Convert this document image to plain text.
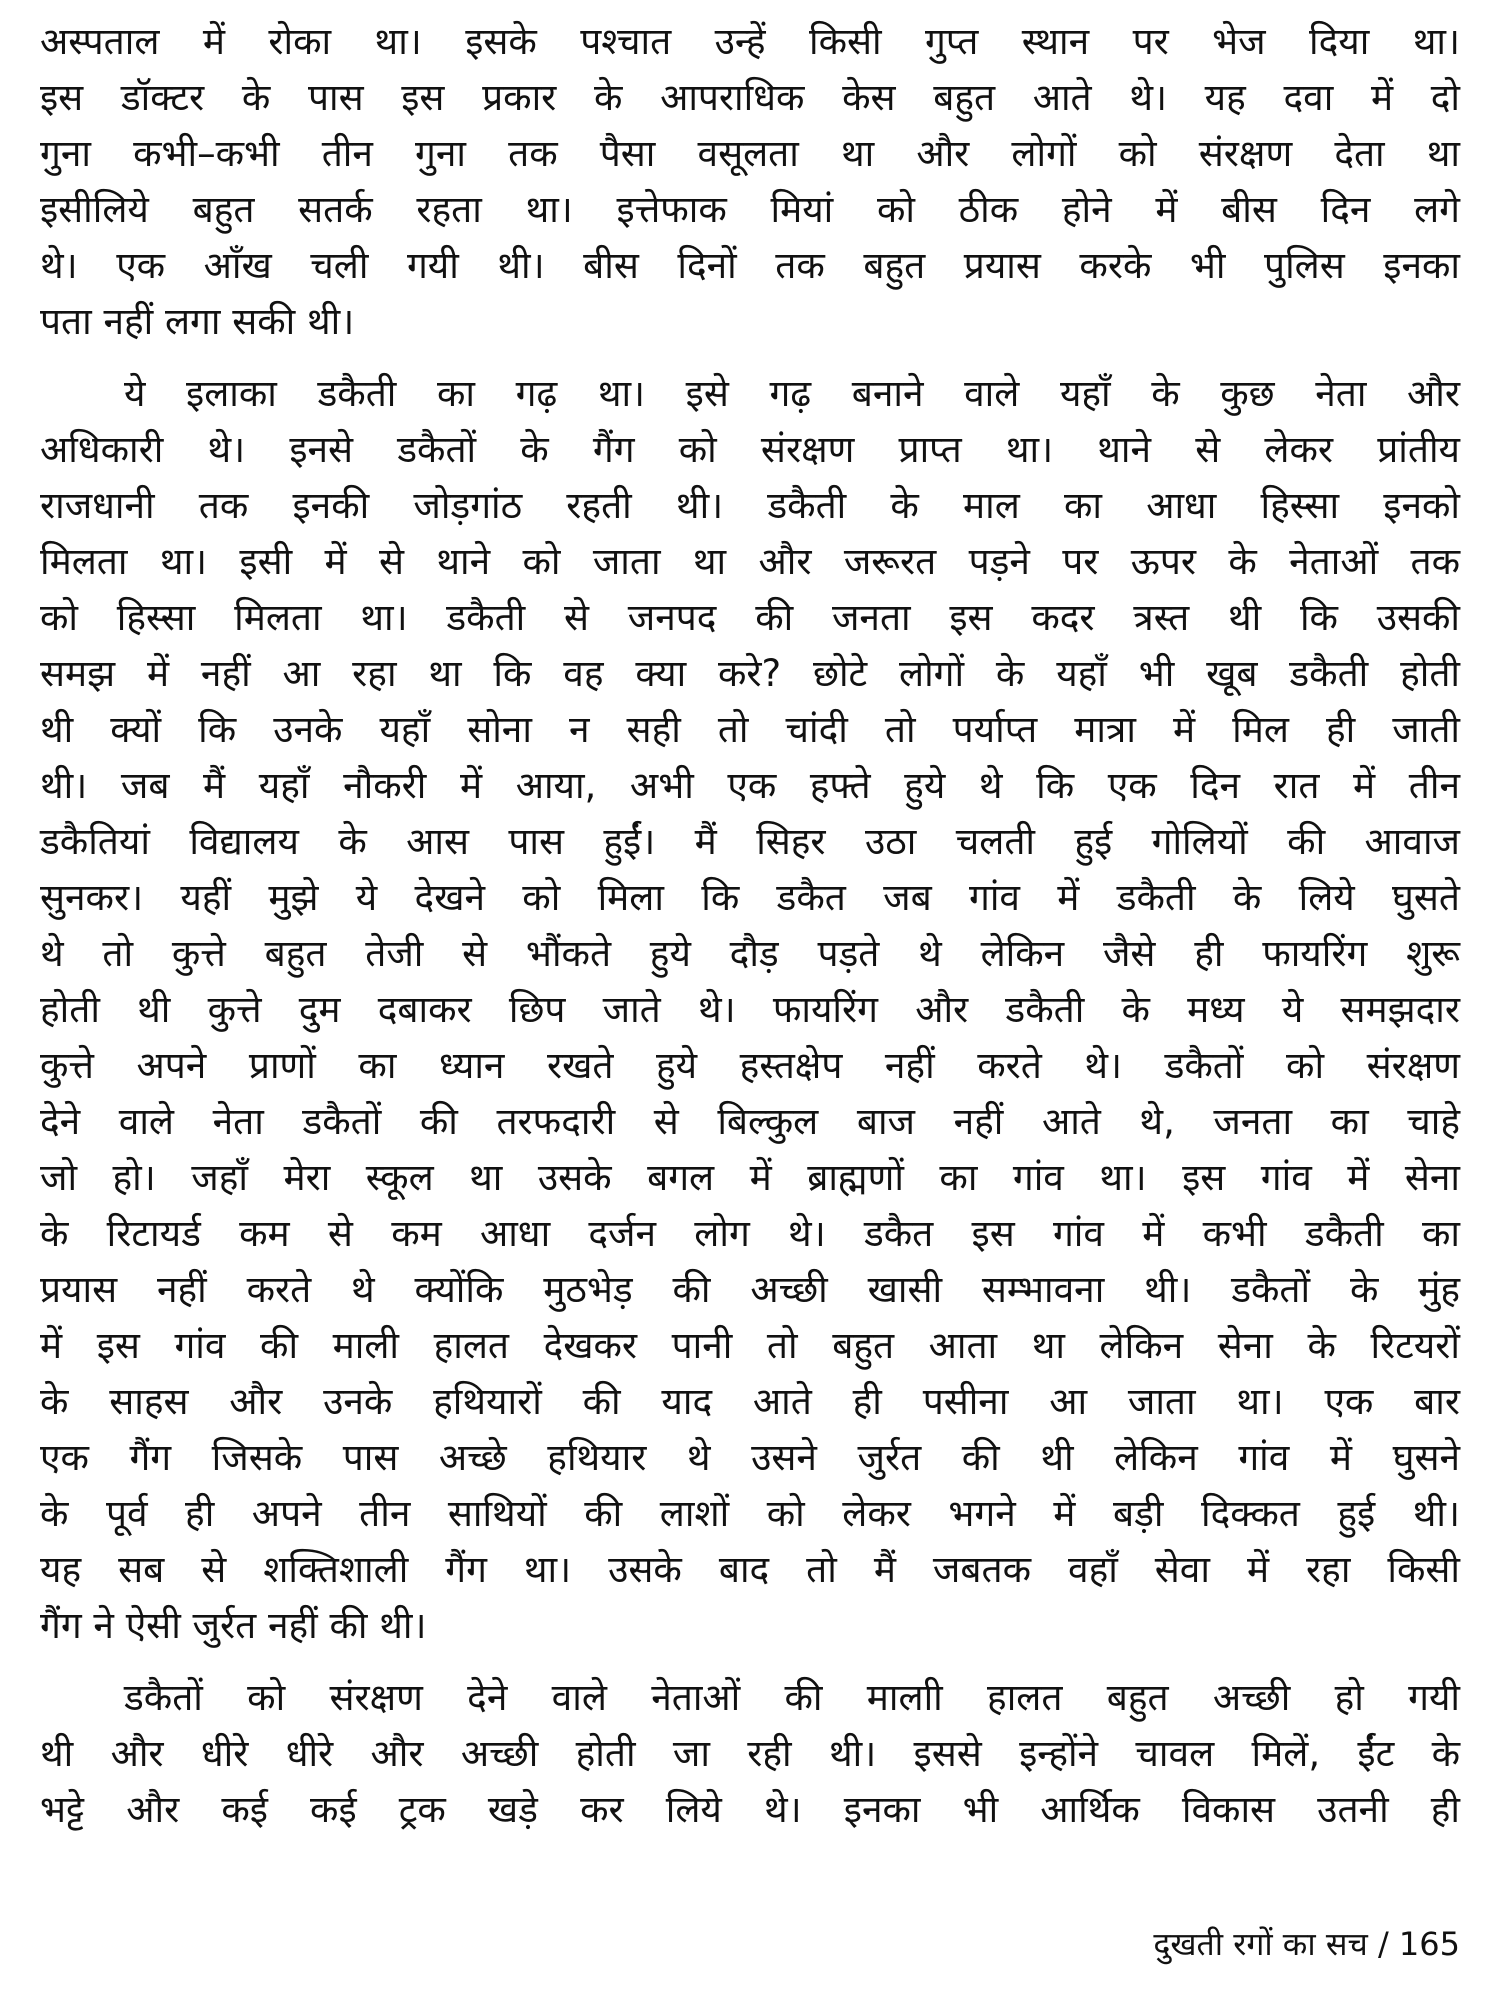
अस्पताल में रोका था। इसके पश्चात उन्हें किसी गुप्त स्थान पर भेज दिया था।
इस डॉक्टर के पास इस प्रकार के आपराधिक केस बहुत आते थे। यह दवा में दो
गुना कभी–कभी तीन गुना तक पैसा वसूलता था और लोगों को संरक्षण देता था
इसीलिये बहुत सतर्क रहता था। इत्तेफाक मियां को ठीक होने में बीस दिन लगे
थे। एक आँख चली गयी थी। बीस दिनों तक बहुत प्रयास करके भी पुलिस इनका
पता नहीं लगा सकी थी।
ये इलाका डकैती का गढ़ था। इसे गढ़ बनाने वाले यहाँ के कुछ नेता और
अधिकारी थे। इनसे डकैतों के गैंग को संरक्षण प्राप्त था। थाने से लेकर प्रांतीय
राजधानी तक इनकी जोड़गांठ रहती थी। डकैती के माल का आधा हिस्सा इनको
मिलता था। इसी में से थाने को जाता था और जरूरत पड़ने पर ऊपर के नेताओं तक
को हिस्सा मिलता था। डकैती से जनपद की जनता इस कदर त्रस्त थी कि उसकी
समझ में नहीं आ रहा था कि वह क्या करे? छोटे लोगों के यहाँ भी खूब डकैती होती
थी क्यों कि उनके यहाँ सोना न सही तो चांदी तो पर्याप्त मात्रा में मिल ही जाती
थी। जब मैं यहाँ नौकरी में आया, अभी एक हफ्ते हुये थे कि एक दिन रात में तीन
डकैतियां विद्यालय के आस पास हुईं। मैं सिहर उठा चलती हुई गोलियों की आवाज
सुनकर। यहीं मुझे ये देखने को मिला कि डकैत जब गांव में डकैती के लिये घुसते
थे तो कुत्ते बहुत तेजी से भौंकते हुये दौड़ पड़ते थे लेकिन जैसे ही फायरिंग शुरू
होती थी कुत्ते दुम दबाकर छिप जाते थे। फायरिंग और डकैती के मध्य ये समझदार
कुत्ते अपने प्राणों का ध्यान रखते हुये हस्तक्षेप नहीं करते थे। डकैतों को संरक्षण
देने वाले नेता डकैतों की तरफदारी से बिल्कुल बाज नहीं आते थे, जनता का चाहे
जो हो। जहाँ मेरा स्कूल था उसके बगल में ब्राह्मणों का गांव था। इस गांव में सेना
के रिटायर्ड कम से कम आधा दर्जन लोग थे। डकैत इस गांव में कभी डकैती का
प्रयास नहीं करते थे क्योंकि मुठभेड़ की अच्छी खासी सम्भावना थी। डकैतों के मुंह
में इस गांव की माली हालत देखकर पानी तो बहुत आता था लेकिन सेना के रिटयरों
के साहस और उनके हथियारों की याद आते ही पसीना आ जाता था। एक बार
एक गैंग जिसके पास अच्छे हथियार थे उसने जुर्रत की थी लेकिन गांव में घुसने
के पूर्व ही अपने तीन साथियों की लाशों को लेकर भगने में बड़ी दिक्कत हुई थी।
यह सब से शक्तिशाली गैंग था। उसके बाद तो मैं जबतक वहाँ सेवा में रहा किसी
गैंग ने ऐसी जुर्रत नहीं की थी।
डकैतों को संरक्षण देने वाले नेताओं की मालाी हालत बहुत अच्छी हो गयी
थी और धीरे धीरे और अच्छी होती जा रही थी। इससे इन्होंने चावल मिलें, ईंट के
भट्टे और कई कई ट्रक खड़े कर लिये थे। इनका भी आर्थिक विकास उतनी ही
दुखती रगों का सच / 165
